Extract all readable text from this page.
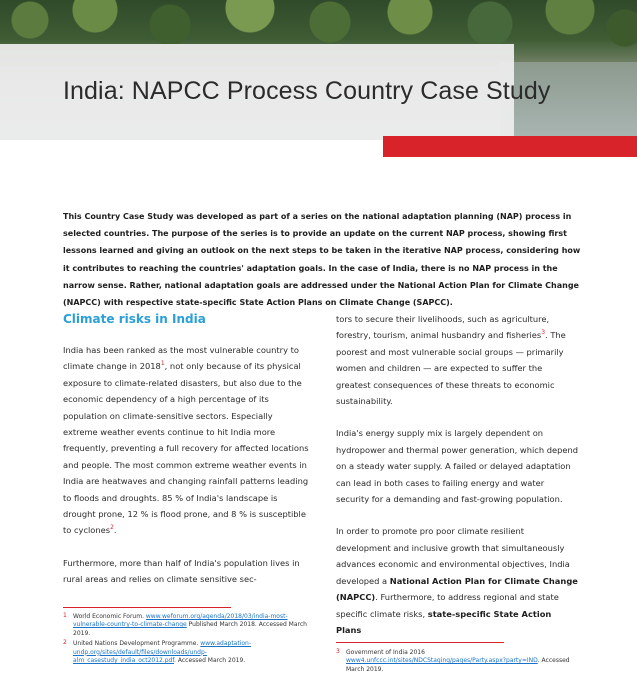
India: NAPCC Process Country Case Study
This Country Case Study was developed as part of a series on the national adaptation planning (NAP) process in selected countries. The purpose of the series is to provide an update on the current NAP process, showing first lessons learned and giving an outlook on the next steps to be taken in the iterative NAP process, considering how it contributes to reaching the countries' adaptation goals. In the case of India, there is no NAP process in the narrow sense. Rather, national adaptation goals are addressed under the National Action Plan for Climate Change (NAPCC) with respective state-specific State Action Plans on Climate Change (SAPCC).
Climate risks in India

India has been ranked as the most vulnerable country to climate change in 2018$^1$, not only because of its physical exposure to climate-related disasters, but also due to the economic dependency of a high percentage of its population on climate-sensitive sectors. Especially extreme weather events continue to hit India more frequently, preventing a full recovery for affected locations and people. The most common extreme weather events in India are heatwaves and changing rainfall patterns leading to floods and droughts. 85 % of India's landscape is drought prone, 12 % is flood prone, and 8 % is susceptible to cyclones$^2$.

Furthermore, more than half of India's population lives in rural areas and relies on climate sensitive sec-

tors to secure their livelihoods, such as agriculture, forestry, tourism, animal husbandry and fisheries$^3$. The poorest and most vulnerable social groups — primarily women and children — are expected to suffer the greatest consequences of these threats to economic sustainability.

India's energy supply mix is largely dependent on hydropower and thermal power generation, which depend on a steady water supply. A failed or delayed adaptation can lead in both cases to failing energy and water security for a demanding and fast-growing population.

In order to promote pro poor climate resilient development and inclusive growth that simultaneously advances economic and environmental objectives, India developed a National Action Plan for Climate Change (NAPCC). Furthermore, to address regional and state specific climate risks, state-specific State Action Plans

1 World Economic Forum. www.weforum.org/agenda/2018/03/india-most-vulnerable-country-to-climate-change Published March 2018. Accessed March 2019.
2 United Nations Development Programme. www.adaptation-undp.org/sites/default/files/downloads/undp-alm_casestudy_india_oct2012.pdf. Accessed March 2019.
3 Government of India 2016 www4.unfccc.int/sites/NDCStaging/pages/Party.aspx?party=IND. Accessed March 2019.
